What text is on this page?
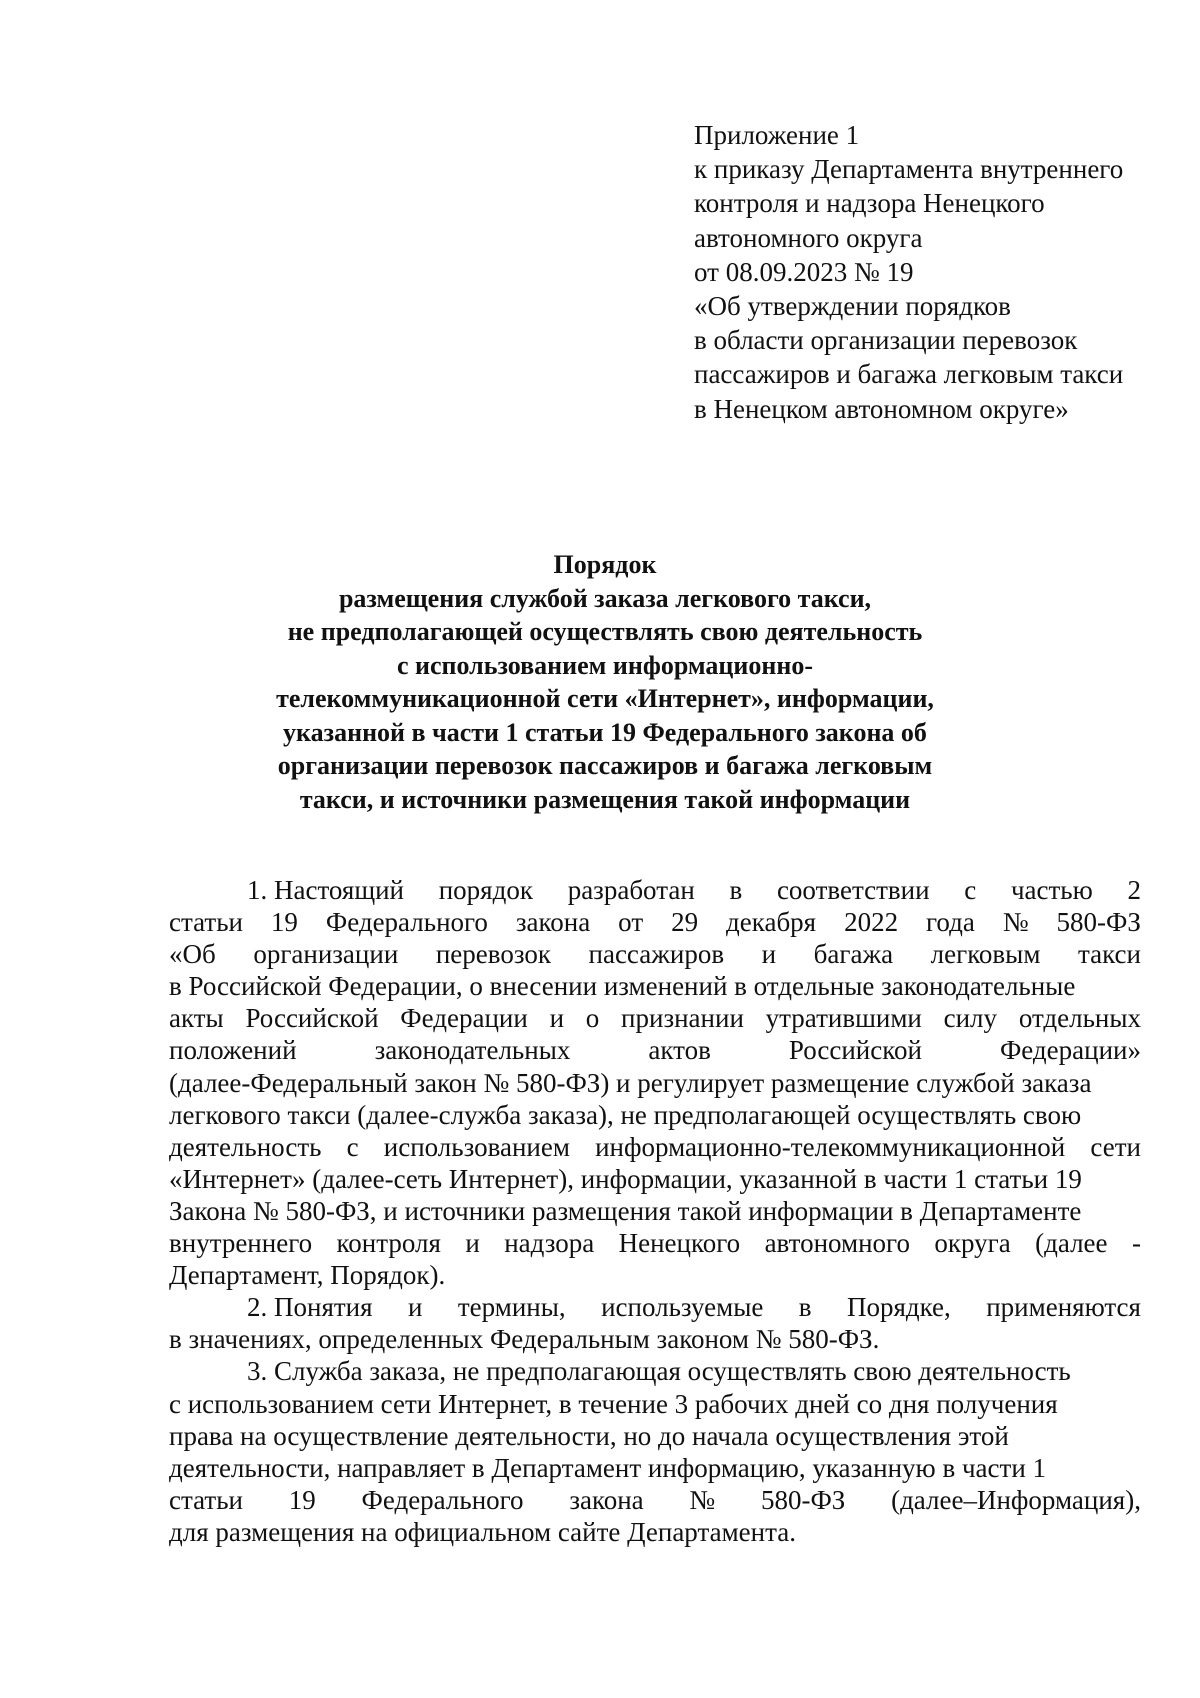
Приложение 1
к приказу Департамента внутреннего
контроля и надзора Ненецкого
автономного округа
от 08.09.2023 № 19
«Об утверждении порядков
в области организации перевозок
пассажиров и багажа легковым такси
в Ненецком автономном округе»
Порядок
размещения службой заказа легкового такси,
не предполагающей осуществлять свою деятельность
с использованием информационно-
телекоммуникационной сети «Интернет», информации,
указанной в части 1 статьи 19 Федерального закона об
организации перевозок пассажиров и багажа легковым
такси, и источники размещения такой информации
1. Настоящий порядок разработан в соответствии с частью 2
статьи 19 Федерального закона от 29 декабря 2022 года № 580-ФЗ
«Об организации перевозок пассажиров и багажа легковым такси
в Российской Федерации, о внесении изменений в отдельные законодательные
акты Российской Федерации и о признании утратившими силу отдельных
положений	законодательных	актов	Российской	Федерации»
(далее-Федеральный закон № 580-ФЗ) и регулирует размещение службой заказа
легкового такси (далее-служба заказа), не предполагающей осуществлять свою
деятельность с использованием информационно-телекоммуникационной сети
«Интернет» (далее-сеть Интернет), информации, указанной в части 1 статьи 19
Закона № 580-ФЗ, и источники размещения такой информации в Департаменте
внутреннего контроля и надзора Ненецкого автономного округа (далее -
Департамент, Порядок).
2. Понятия и термины, используемые в Порядке, применяются
в значениях, определенных Федеральным законом № 580-ФЗ.
3. Служба заказа, не предполагающая осуществлять свою деятельность
с использованием сети Интернет, в течение 3 рабочих дней со дня получения
права на осуществление деятельности, но до начала осуществления этой
деятельности, направляет в Департамент информацию, указанную в части 1
статьи 19 Федерального закона № 580-ФЗ (далее–Информация),
для размещения на официальном сайте Департамента.
